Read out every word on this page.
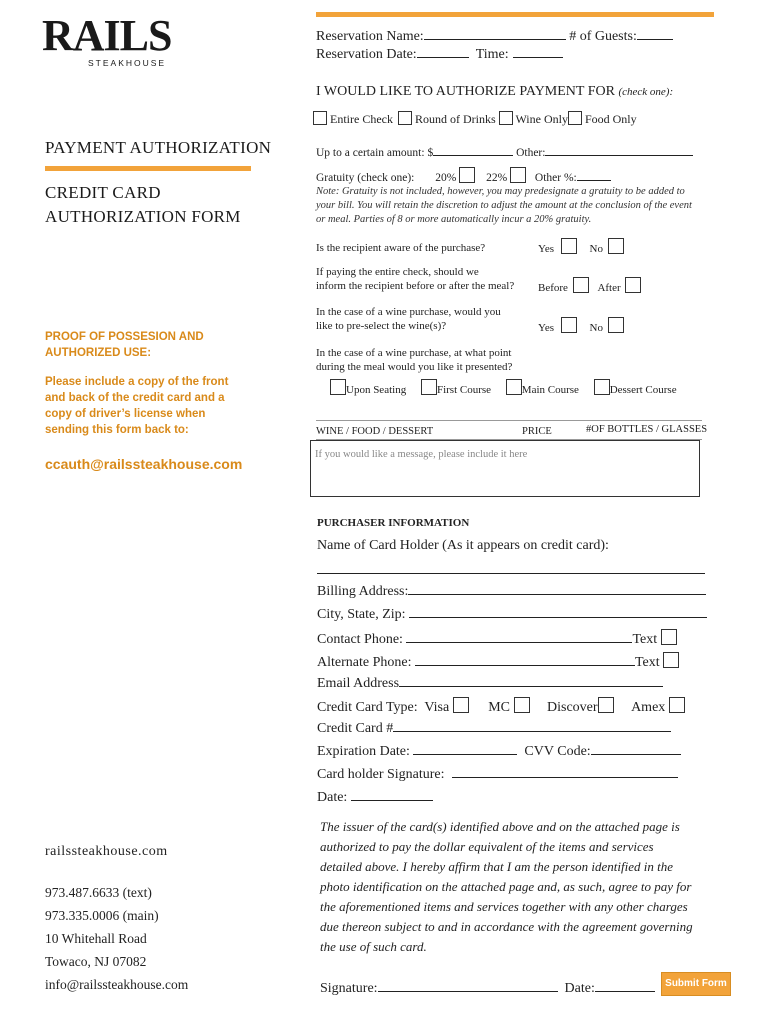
RAILS
STEAKHOUSE
PAYMENT AUTHORIZATION
CREDIT CARD
AUTHORIZATION FORM
PROOF OF POSSESION AND
AUTHORIZED USE:
Please include a copy of the front
and back of the credit card and a
copy of driver’s license when
sending this form back to:
ccauth@railssteakhouse.com
railssteakhouse.com
973.487.6633 (text)
973.335.0006 (main)
10 Whitehall Road
Towaco, NJ 07082
info@railssteakhouse.com
Reservation Name:	# of Guests:
Reservation Date:	Time:
I WOULD LIKE TO AUTHORIZE PAYMENT FOR (check one):
Entire Check Round of Drinks Wine Only Food Only
Up to a certain amount: $	Other:
Gratuity (check one): 20%	22% Other %:
Note: Gratuity is not included, however, you may predesignate a gratuity to be added to
your bill. You will retain the discretion to adjust the amount at the conclusion of the event
or meal. Parties of 8 or more automatically incur a 20% gratuity.
Is the recipient aware of the purchase?	Yes	No
If paying the entire check, should we
inform the recipient before or after the meal? Before	After
In the case of a wine purchase, would you
like to pre-select the wine(s)?	Yes	No
In the case of a wine purchase, at what point
during the meal would you like it presented?
Upon Seating	First Course	Main Course	Dessert Course
WINE / FOOD / DESSERT	PRICE	#OF BOTTLES / GLASSES
If you would like a message, please include it here
PURCHASER INFORMATION
Name of Card Holder (As it appears on credit card):
Billing Address:
City, State, Zip:
Contact Phone:	Text
Alternate Phone:	Text
Email Address
Credit Card Type: Visa	MC	Discover Amex
Credit Card #
Expiration Date:	CVV Code:
Card holder Signature:
Date:
The issuer of the card(s) identified above and on the attached page is
authorized to pay the dollar equivalent of the items and services
detailed above. I hereby affirm that I am the person identified in the
photo identification on the attached page and, as such, agree to pay for
the aforementioned items and services together with any other charges
due thereon subject to and in accordance with the agreement governing
the use of such card.
Signature:	Date:	Submit Form
